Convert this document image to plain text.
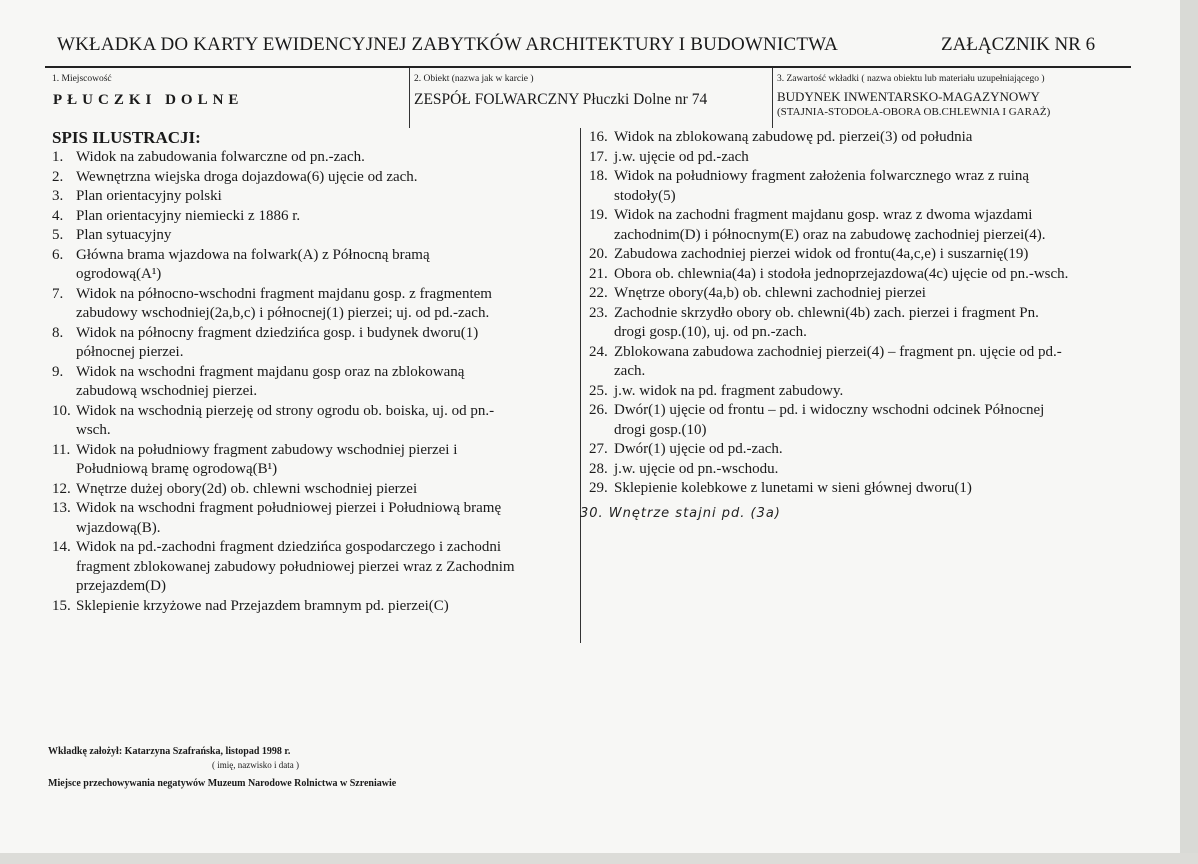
WKŁADKA DO KARTY EWIDENCYJNEJ ZABYTKÓW ARCHITEKTURY I BUDOWNICTWA	ZAŁĄCZNIK NR 6
1. Miejscowość
PŁUCZKI DOLNE
2. Obiekt (nazwa jak w karcie )
ZESPÓŁ FOLWARCZNY Płuczki Dolne nr 74
3. Zawartość wkładki ( nazwa obiektu lub materiału uzupełniającego )
BUDYNEK INWENTARSKO-MAGAZYNOWY
(STAJNIA-STODOŁA-OBORA OB.CHLEWNIA I GARAŻ)
SPIS ILUSTRACJI:
1. Widok na zabudowania folwarczne od pn.-zach.
2. Wewnętrzna wiejska droga dojazdowa(6) ujęcie od zach.
3. Plan orientacyjny polski
4. Plan orientacyjny niemiecki z 1886 r.
5. Plan sytuacyjny
6. Główna brama wjazdowa na folwark(A) z Północną bramą
ogrodową(A¹)
7. Widok na północno-wschodni fragment majdanu gosp. z fragmentem
zabudowy wschodniej(2a,b,c) i północnej(1) pierzei; uj. od pd.-zach.
8. Widok na północny fragment dziedzińca gosp. i budynek dworu(1)
północnej pierzei.
9. Widok na wschodni fragment majdanu gosp oraz na zblokowaną
zabudową wschodniej pierzei.
10. Widok na wschodnią pierzeję od strony ogrodu ob. boiska, uj. od pn.-
wsch.
11. Widok na południowy fragment zabudowy wschodniej pierzei i
Południową bramę ogrodową(B¹)
12. Wnętrze dużej obory(2d) ob. chlewni wschodniej pierzei
13. Widok na wschodni fragment południowej pierzei i Południową bramę
wjazdową(B).
14. Widok na pd.-zachodni fragment dziedzińca gospodarczego i zachodni
fragment zblokowanej zabudowy południowej pierzei wraz z Zachodnim
przejazdem(D)
15. Sklepienie krzyżowe nad Przejazdem bramnym pd. pierzei(C)
16. Widok na zblokowaną zabudowę pd. pierzei(3) od południa
17. j.w. ujęcie od pd.-zach
18. Widok na południowy fragment założenia folwarcznego wraz z ruiną
stodoły(5)
19. Widok na zachodni fragment majdanu gosp. wraz z dwoma wjazdami
zachodnim(D) i północnym(E) oraz na zabudowę zachodniej pierzei(4).
20. Zabudowa zachodniej pierzei widok od frontu(4a,c,e) i suszarnię(19)
21. Obora ob. chlewnia(4a) i stodoła jednoprzejazdowa(4c) ujęcie od pn.-wsch.
22. Wnętrze obory(4a,b) ob. chlewni zachodniej pierzei
23. Zachodnie skrzydło obory ob. chlewni(4b) zach. pierzei i fragment Pn.
drogi gosp.(10), uj. od pn.-zach.
24. Zblokowana zabudowa zachodniej pierzei(4) – fragment pn. ujęcie od pd.-
zach.
25. j.w. widok na pd. fragment zabudowy.
26. Dwór(1) ujęcie od frontu – pd. i widoczny wschodni odcinek Północnej
drogi gosp.(10)
27. Dwór(1) ujęcie od pd.-zach.
28. j.w. ujęcie od pn.-wschodu.
29. Sklepienie kolebkowe z lunetami w sieni głównej dworu(1)
30. Wnętrze stajni pd. (3a)
Wkładkę założył: Katarzyna Szafrańska, listopad 1998 r.
( imię, nazwisko i data )
Miejsce przechowywania negatywów Muzeum Narodowe Rolnictwa w Szreniawie
